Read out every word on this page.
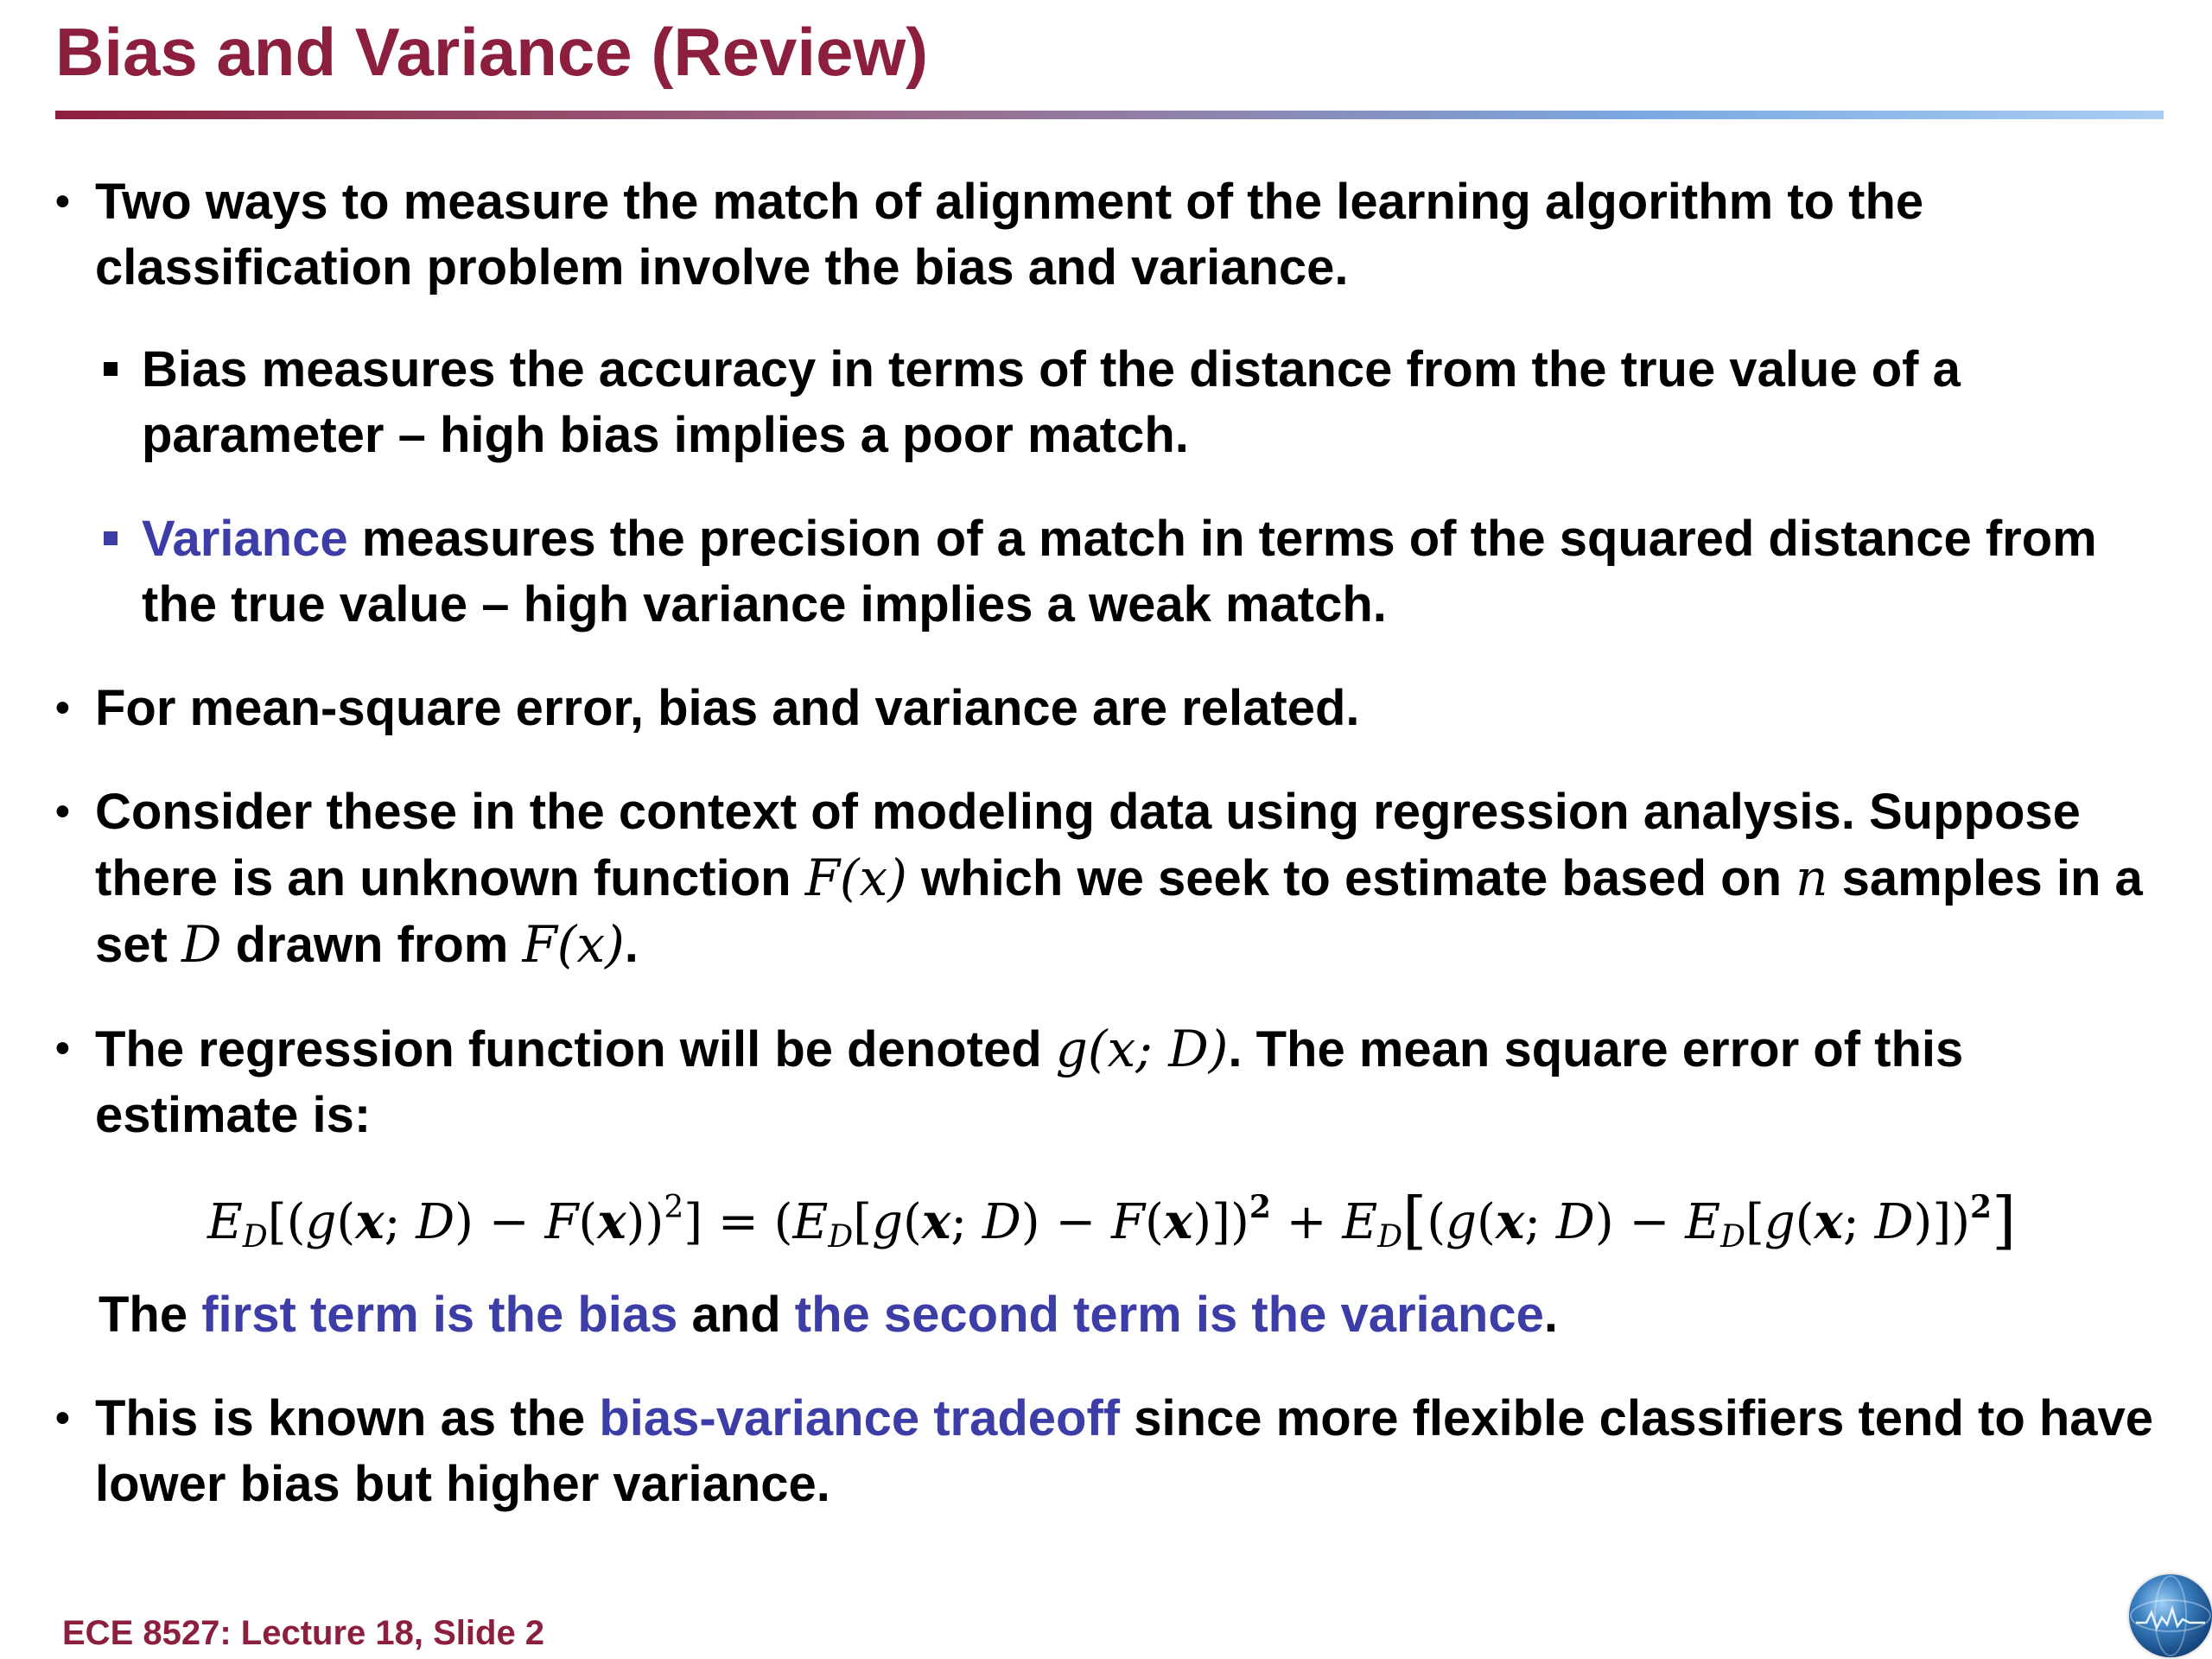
Bias and Variance (Review)
• Two ways to measure the match of alignment of the learning algorithm to the classification problem involve the bias and variance.
Bias measures the accuracy in terms of the distance from the true value of a parameter – high bias implies a poor match.
Variance measures the precision of a match in terms of the squared distance from the true value – high variance implies a weak match.
• For mean-square error, bias and variance are related.
• Consider these in the context of modeling data using regression analysis. Suppose there is an unknown function F(x) which we seek to estimate based on n samples in a set D drawn from F(x).
• The regression function will be denoted g(x; D). The mean square error of this estimate is:
$E_D[(g(x$; $D) - F(x))^2] = (E_D[g(x$; $D) - F(x)])^2 + E_D[(g(x$; $D) - E_D[g(x$; D)])$^2$]
The first term is the bias and the second term is the variance.
• This is known as the bias-variance tradeoff since more flexible classifiers tend to have lower bias but higher variance.

ECE 8527: Lecture 18, Slide 2
